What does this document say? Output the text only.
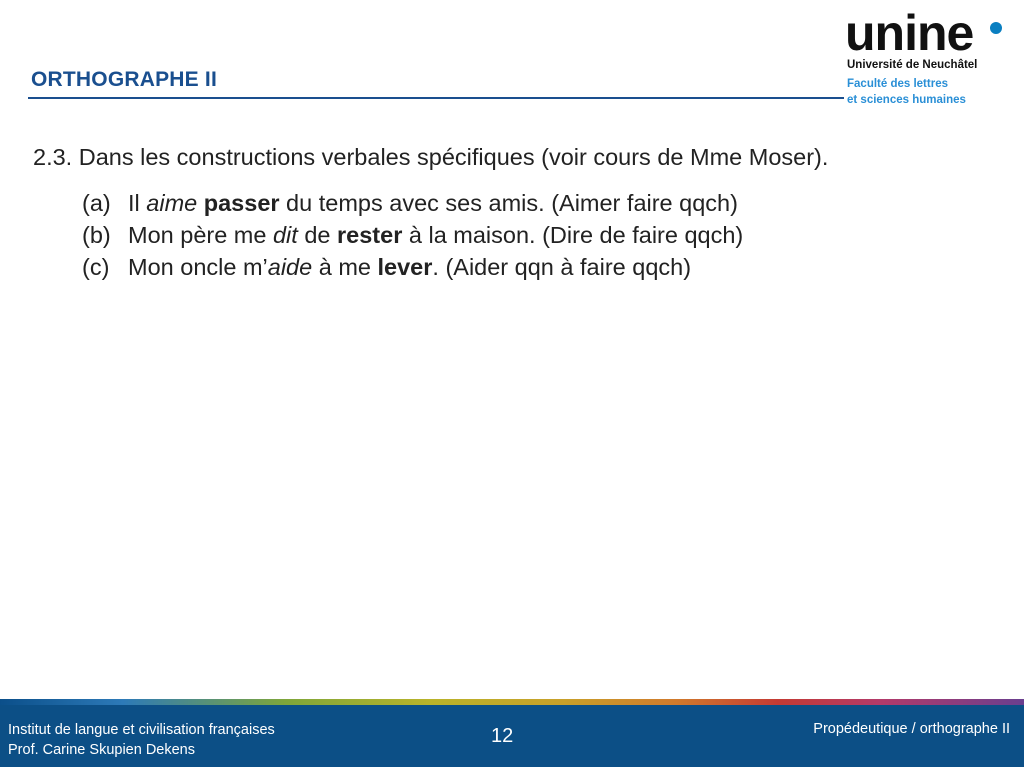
ORTHOGRAPHE II
unine
Université de Neuchâtel
Faculté des lettres
et sciences humaines
2.3. Dans les constructions verbales spécifiques (voir cours de Mme Moser).
(a) Il aime passer du temps avec ses amis. (Aimer faire qqch)
(b) Mon père me dit de rester à la maison. (Dire de faire qqch)
(c) Mon oncle m’aide à me lever. (Aider qqn à faire qqch)
Institut de langue et civilisation françaises
Prof. Carine Skupien Dekens
12	Propédeutique / orthographe II
